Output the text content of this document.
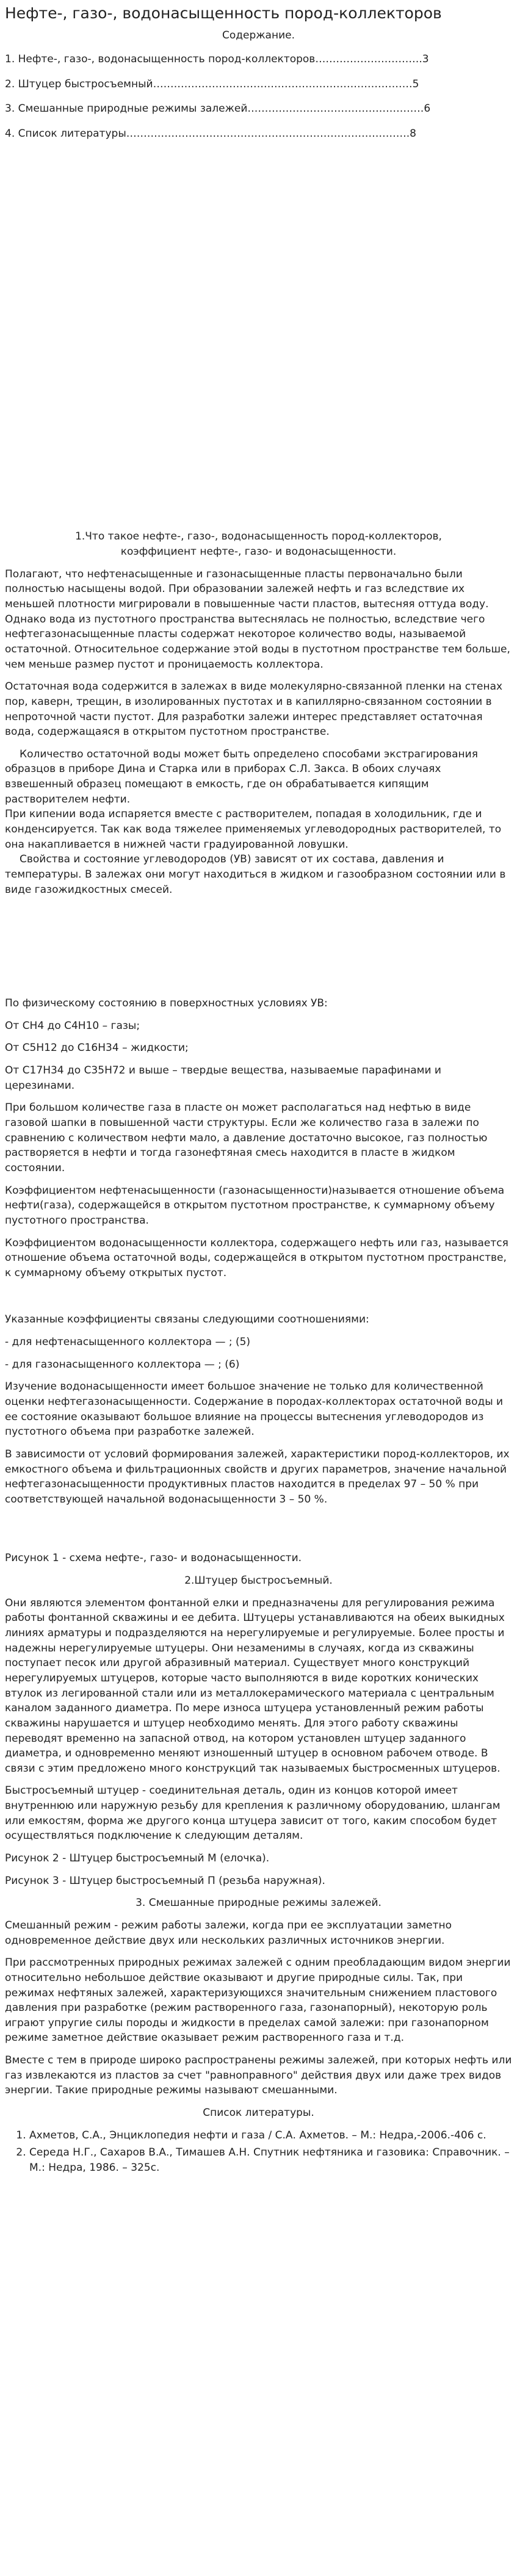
Нефте-, газо-, водонасыщенность пород-коллекторов
Содержание.
1. Нефте-, газо-, водонасыщенность пород-коллекторов………………………….3
2. Штуцер быстросъемный…………………………………………………………………5
3. Смешанные природные режимы залежей……………………………………………6
4. Список литературы……………………………………………………………………….8
1.Что такое нефте-, газо-, водонасыщенность пород-коллекторов,
коэффициент нефте-, газо- и водонасыщенности.

Полагают, что нефтенасыщенные и газонасыщенные пласты первоначально были полностью насыщены водой. При образовании залежей нефть и газ вследствие их меньшей плотности мигрировали в повышенные части пластов, вытесняя оттуда воду. Однако вода из пустотного пространства вытеснялась не полностью, вследствие чего нефтегазонасыщенные пласты содержат некоторое количество воды, называемой остаточной. Относительное содержание этой воды в пустотном пространстве тем больше, чем меньше размер пустот и проницаемость коллектора.

Остаточная вода содержится в залежах в виде молекулярно-связанной пленки на стенах пор, каверн, трещин, в изолированных пустотах и в капиллярно-связанном состоянии в непроточной части пустот. Для разработки залежи интерес представляет остаточная вода, содержащаяся в открытом пустотном пространстве.

Количество остаточной воды может быть определено способами экстрагирования образцов в приборе Дина и Старка или в приборах С.Л. Закса. В обоих случаях взвешенный образец помещают в емкость, где он обрабатывается кипящим растворителем нефти.

При кипении вода испаряется вместе с растворителем, попадая в холодильник, где и конденсируется. Так как вода тяжелее применяемых углеводородных растворителей, то она накапливается в нижней части градуированной ловушки.

Свойства и состояние углеводородов (УВ) зависят от их состава, давления и температуры. В залежах они могут находиться в жидком и газообразном состоянии или в виде газожидкостных смесей.

По физическому состоянию в поверхностных условиях УВ:

От СН4 до С4Н10 – газы;

От С5Н12 до С16Н34 – жидкости;

От С17Н34 до С35Н72 и выше – твердые вещества, называемые парафинами и церезинами.

При большом количестве газа в пласте он может располагаться над нефтью в виде газовой шапки в повышенной части структуры. Если же количество газа в залежи по сравнению с количеством нефти мало, а давление достаточно высокое, газ полностью растворяется в нефти и тогда газонефтяная смесь находится в пласте в жидком состоянии.

Коэффициентом нефтенасыщенности (газонасыщенности)называется отношение объема нефти(газа), содержащейся в открытом пустотном пространстве, к суммарному объему пустотного пространства.

Коэффициентом водонасыщенности коллектора, содержащего нефть или газ, называется отношение объема остаточной воды, содержащейся в открытом пустотном пространстве, к суммарному объему открытых пустот.

Указанные коэффициенты связаны следующими соотношениями:

- для нефтенасыщенного коллектора — ; (5)

- для газонасыщенного коллектора — ; (6)

Изучение водонасыщенности имеет большое значение не только для количественной оценки нефтегазонасыщенности. Содержание в породах-коллекторах остаточной воды и ее состояние оказывают большое влияние на процессы вытеснения углеводородов из пустотного объема при разработке залежей.

В зависимости от условий формирования залежей, характеристики пород-коллекторов, их емкостного объема и фильтрационных свойств и других параметров, значение начальной нефтегазонасыщенности продуктивных пластов находится в пределах 97 – 50 % при соответствующей начальной водонасыщенности 3 – 50 %.

Рисунок 1 - схема нефте-, газо- и водонасыщенности.

2.Штуцер быстросъемный.

Они являются элементом фонтанной елки и предназначены для регулирования режима работы фонтанной скважины и ее дебита. Штуцеры устанавливаются на обеих выкидных линиях арматуры и подразделяются на нерегулируемые и регулируемые. Более просты и надежны нерегулируемые штуцеры. Они незаменимы в случаях, когда из скважины поступает песок или другой абразивный материал. Существует много конструкций нерегулируемых штуцеров, которые часто выполняются в виде коротких конических втулок из легированной стали или из металлокерамического материала с центральным каналом заданного диаметра. По мере износа штуцера установленный режим работы скважины нарушается и штуцер необходимо менять. Для этого работу скважины переводят временно на запасной отвод, на котором установлен штуцер заданного диаметра, и одновременно меняют изношенный штуцер в основном рабочем отводе. В связи с этим предложено много конструкций так называемых быстросменных штуцеров.

Быстросъемный штуцер - соединительная деталь, один из концов которой имеет внутреннюю или наружную резьбу для крепления к различному оборудованию, шлангам или емкостям, форма же другого конца штуцера зависит от того, каким способом будет осуществляться подключение к следующим деталям.

Рисунок 2 - Штуцер быстросъемный М (елочка).

Рисунок 3 - Штуцер быстросъемный П (резьба наружная).

3. Смешанные природные режимы залежей.

Смешанный режим - режим работы залежи, когда при ее эксплуатации заметно одновременное действие двух или нескольких различных источников энергии.

При рассмотренных природных режимах залежей с одним преобладающим видом энергии относительно небольшое действие оказывают и другие природные силы. Так, при режимах нефтяных залежей, характеризующихся значительным снижением пластового давления при разработке (режим растворенного газа, газонапорный), некоторую роль играют упругие силы породы и жидкости в пределах самой залежи: при газонапорном режиме заметное действие оказывает режим растворенного газа и т.д.

Вместе с тем в природе широко распространены режимы залежей, при которых нефть или газ извлекаются из пластов за счет "равноправного" действия двух или даже трех видов энергии. Такие природные режимы называют смешанными.

Список литературы.
1. Ахметов, С.А., Энциклопедия нефти и газа / С.А. Ахметов. – М.: Недра,-2006.-406 с.
2. Середа Н.Г., Сахаров В.А., Тимашев А.Н. Спутник нефтяника и газовика: Справочник. – М.: Недра, 1986. – 325с.
